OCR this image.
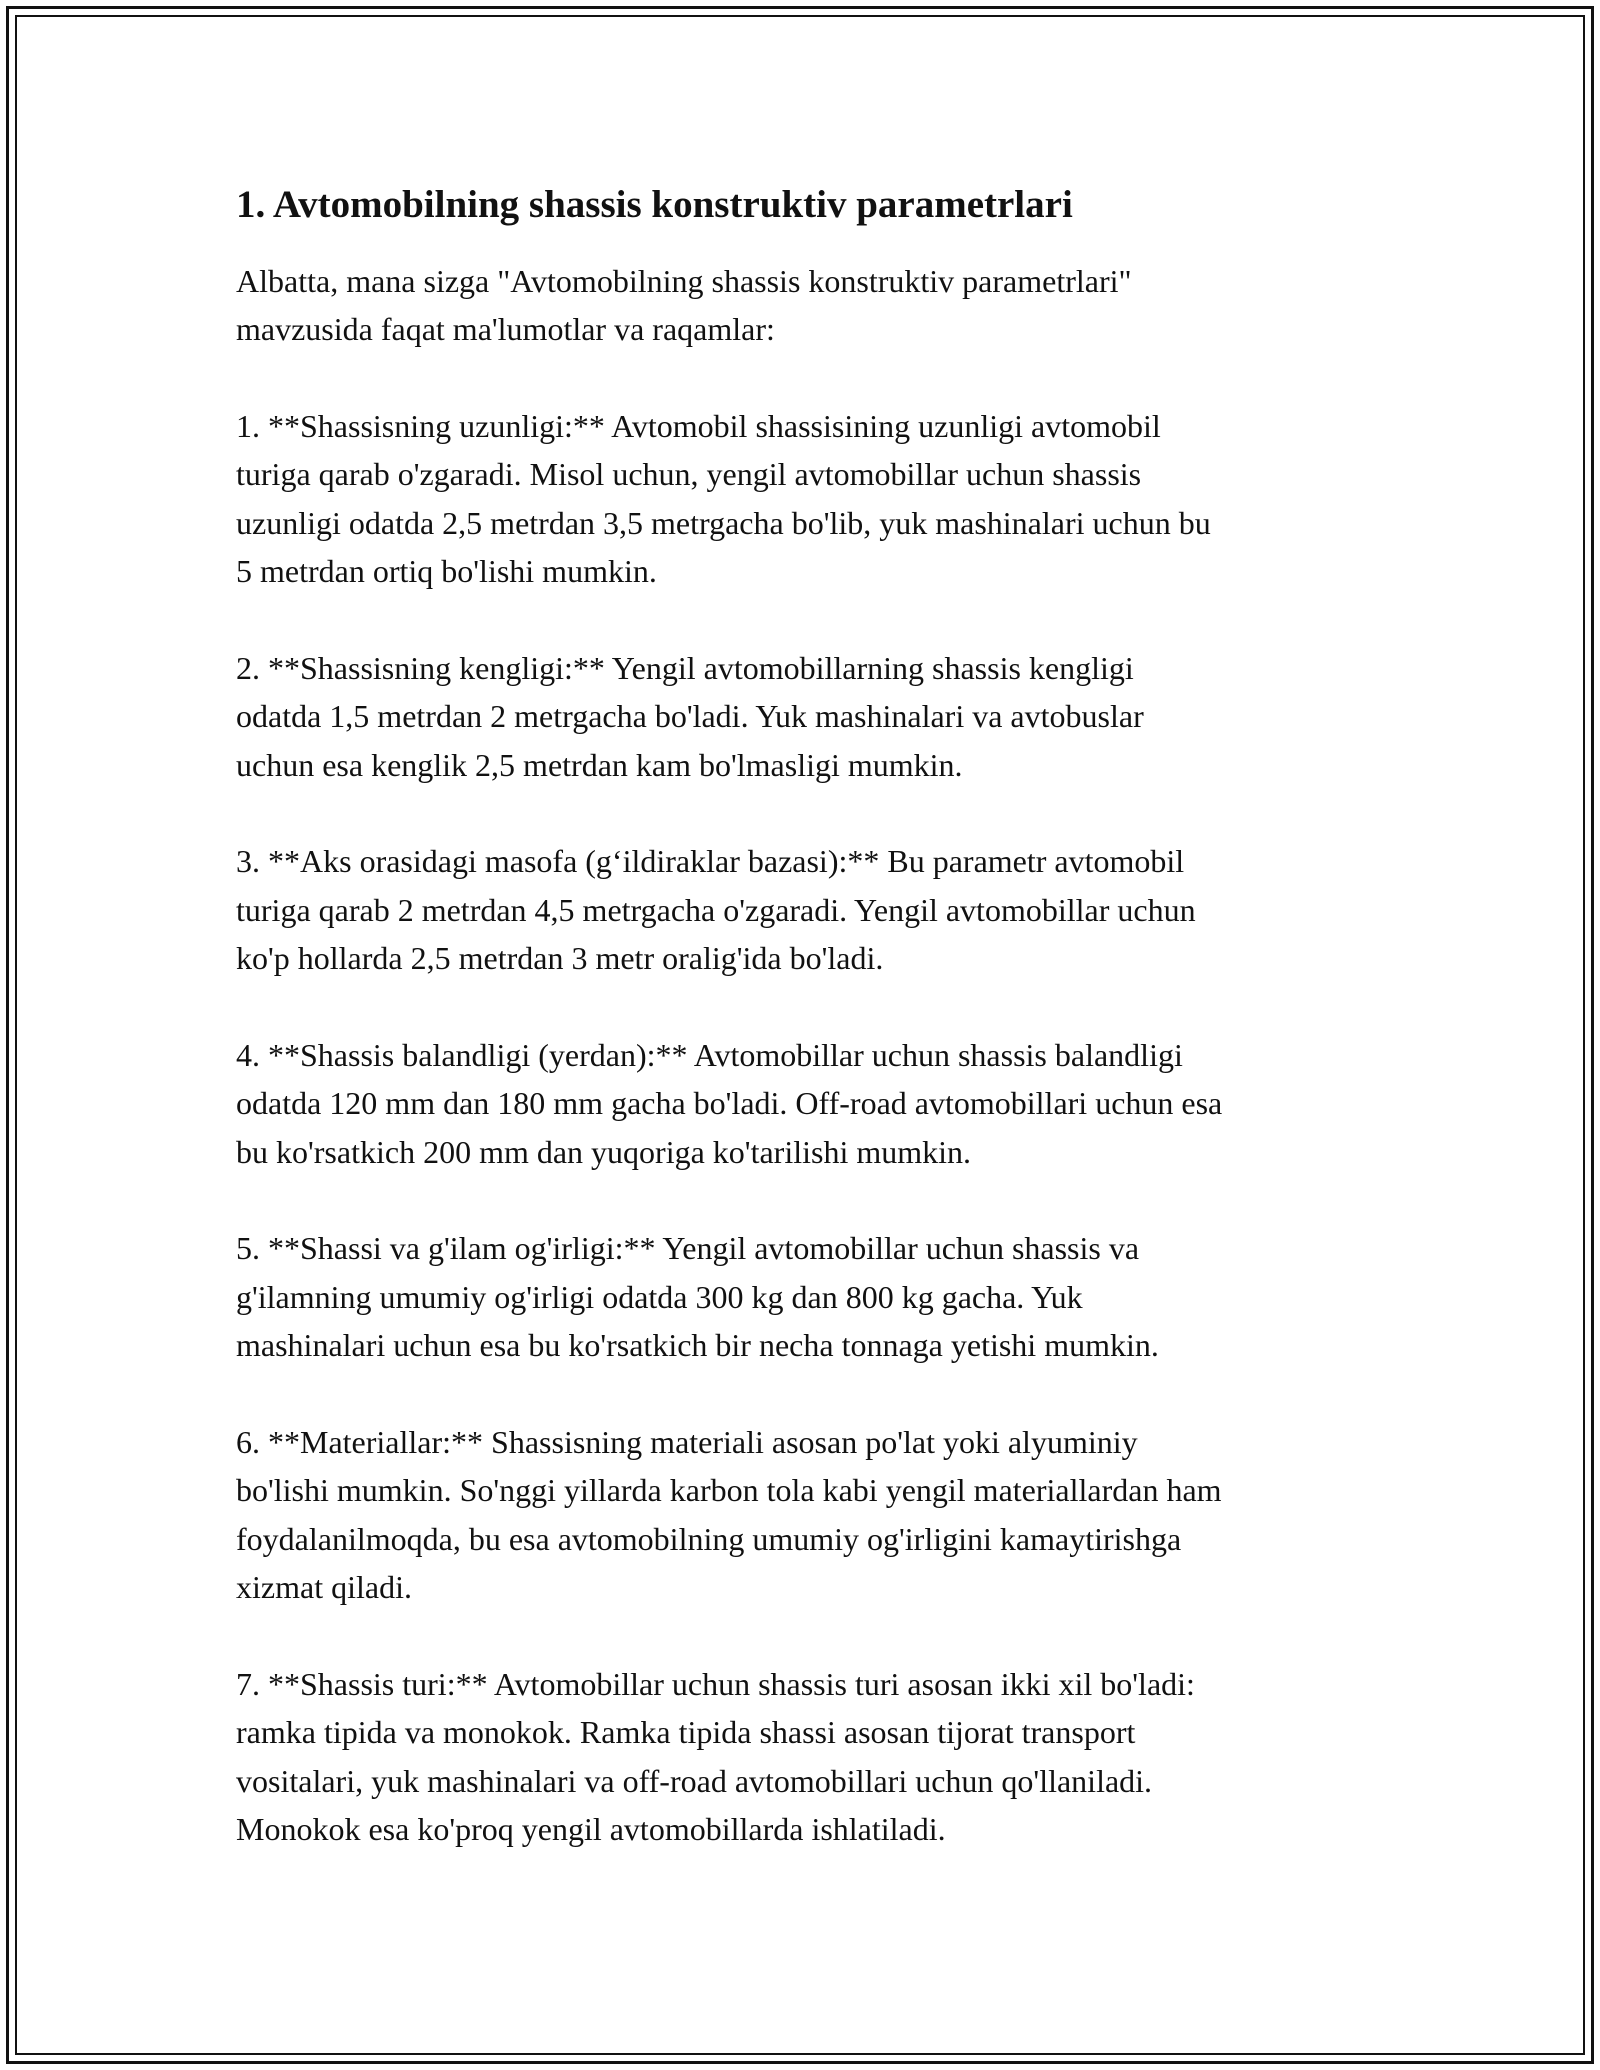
1. Avtomobilning shassis konstruktiv parametrlari

Albatta, mana sizga "Avtomobilning shassis konstruktiv parametrlari"
mavzusida faqat ma'lumotlar va raqamlar:

1. **Shassisning uzunligi:** Avtomobil shassisining uzunligi avtomobil
turiga qarab o'zgaradi. Misol uchun, yengil avtomobillar uchun shassis
uzunligi odatda 2,5 metrdan 3,5 metrgacha bo'lib, yuk mashinalari uchun bu
5 metrdan ortiq bo'lishi mumkin.

2. **Shassisning kengligi:** Yengil avtomobillarning shassis kengligi
odatda 1,5 metrdan 2 metrgacha bo'ladi. Yuk mashinalari va avtobuslar
uchun esa kenglik 2,5 metrdan kam bo'lmasligi mumkin.

3. **Aks orasidagi masofa (g‘ildiraklar bazasi):** Bu parametr avtomobil
turiga qarab 2 metrdan 4,5 metrgacha o'zgaradi. Yengil avtomobillar uchun
ko'p hollarda 2,5 metrdan 3 metr oralig'ida bo'ladi.

4. **Shassis balandligi (yerdan):** Avtomobillar uchun shassis balandligi
odatda 120 mm dan 180 mm gacha bo'ladi. Off-road avtomobillari uchun esa
bu ko'rsatkich 200 mm dan yuqoriga ko'tarilishi mumkin.

5. **Shassi va g'ilam og'irligi:** Yengil avtomobillar uchun shassis va
g'ilamning umumiy og'irligi odatda 300 kg dan 800 kg gacha. Yuk
mashinalari uchun esa bu ko'rsatkich bir necha tonnaga yetishi mumkin.

6. **Materiallar:** Shassisning materiali asosan po'lat yoki alyuminiy
bo'lishi mumkin. So'nggi yillarda karbon tola kabi yengil materiallardan ham
foydalanilmoqda, bu esa avtomobilning umumiy og'irligini kamaytirishga
xizmat qiladi.

7. **Shassis turi:** Avtomobillar uchun shassis turi asosan ikki xil bo'ladi:
ramka tipida va monokok. Ramka tipida shassi asosan tijorat transport
vositalari, yuk mashinalari va off-road avtomobillari uchun qo'llaniladi.
Monokok esa ko'proq yengil avtomobillarda ishlatiladi.
